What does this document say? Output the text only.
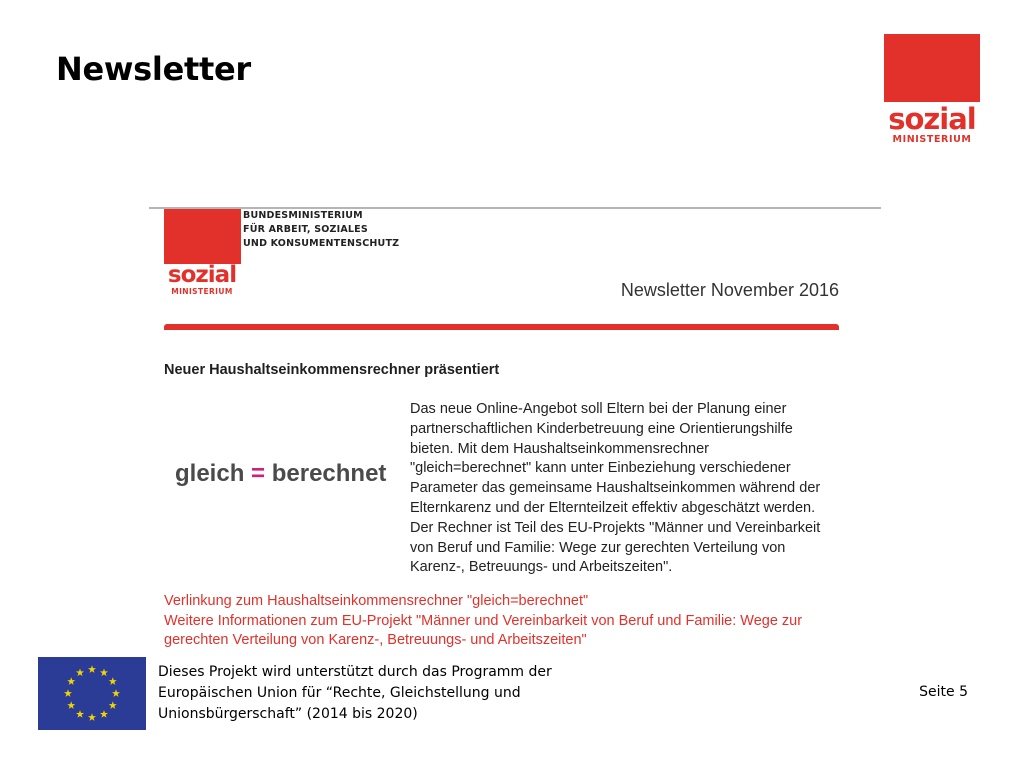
Newsletter
sozial
MINISTERIUM
sozial
MINISTERIUM
BUNDESMINISTERIUM
FÜR ARBEIT, SOZIALES
UND KONSUMENTENSCHUTZ
Newsletter November 2016
Neuer Haushaltseinkommensrechner präsentiert
gleich = berechnet
Das neue Online-Angebot soll Eltern bei der Planung einer
partnerschaftlichen Kinderbetreuung eine Orientierungshilfe
bieten. Mit dem Haushaltseinkommensrechner
"gleich=berechnet" kann unter Einbeziehung verschiedener
Parameter das gemeinsame Haushaltseinkommen während der
Elternkarenz und der Elternteilzeit effektiv abgeschätzt werden.
Der Rechner ist Teil des EU-Projekts "Männer und Vereinbarkeit
von Beruf und Familie: Wege zur gerechten Verteilung von
Karenz-, Betreuungs- und Arbeitszeiten".
Verlinkung zum Haushaltseinkommensrechner "gleich=berechnet"
Weitere Informationen zum EU-Projekt "Männer und Vereinbarkeit von Beruf und Familie: Wege zur
gerechten Verteilung von Karenz-, Betreuungs- und Arbeitszeiten"
Dieses Projekt wird unterstützt durch das Programm der
Europäischen Union für “Rechte, Gleichstellung und
Unionsbürgerschaft” (2014 bis 2020)
Seite 5
